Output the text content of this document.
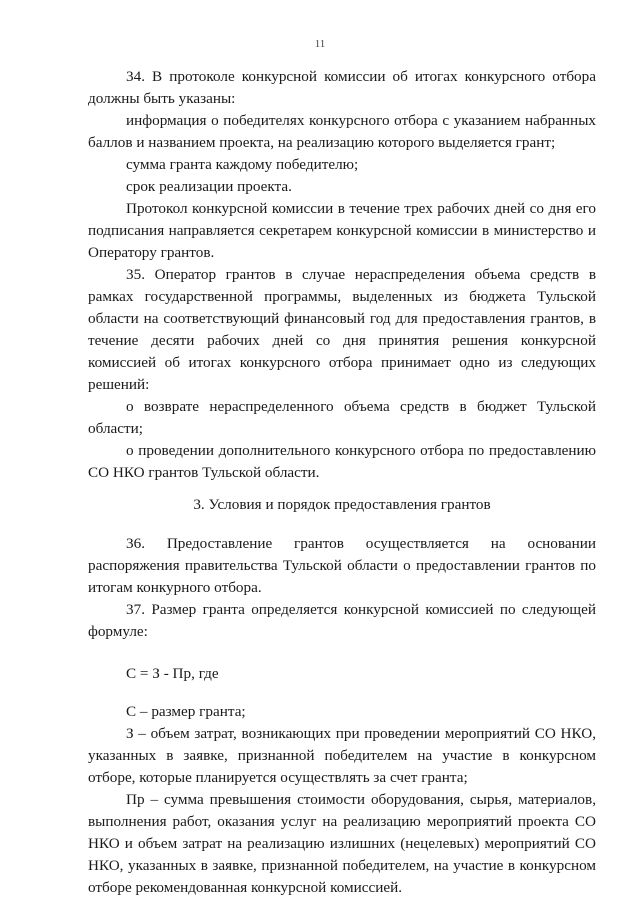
11

34. В протоколе конкурсной комиссии об итогах конкурсного отбора должны быть указаны:

информация о победителях конкурсного отбора с указанием набранных баллов и названием проекта, на реализацию которого выделяется грант;

сумма гранта каждому победителю;

срок реализации проекта.

Протокол конкурсной комиссии в течение трех рабочих дней со дня его подписания направляется секретарем конкурсной комиссии в министерство и Оператору грантов.

35. Оператор грантов в случае нераспределения объема средств в рамках государственной программы, выделенных из бюджета Тульской области на соответствующий финансовый год для предоставления грантов, в течение десяти рабочих дней со дня принятия решения конкурсной комиссией об итогах конкурсного отбора принимает одно из следующих решений:

о возврате нераспределенного объема средств в бюджет Тульской области;

о проведении дополнительного конкурсного отбора по предоставлению СО НКО грантов Тульской области.

3. Условия и порядок предоставления грантов

36. Предоставление грантов осуществляется на основании распоряжения правительства Тульской области о предоставлении грантов по итогам конкурного отбора.

37. Размер гранта определяется конкурсной комиссией по следующей формуле:

С = З - Пр, где

С – размер гранта;

З – объем затрат, возникающих при проведении мероприятий СО НКО, указанных в заявке, признанной победителем на участие в конкурсном отборе, которые планируется осуществлять за счет гранта;

Пр – сумма превышения стоимости оборудования, сырья, материалов, выполнения работ, оказания услуг на реализацию мероприятий проекта СО НКО и объем затрат на реализацию излишних (нецелевых) мероприятий СО НКО, указанных в заявке, признанной победителем, на участие в конкурсном отборе рекомендованная конкурсной комиссией.
